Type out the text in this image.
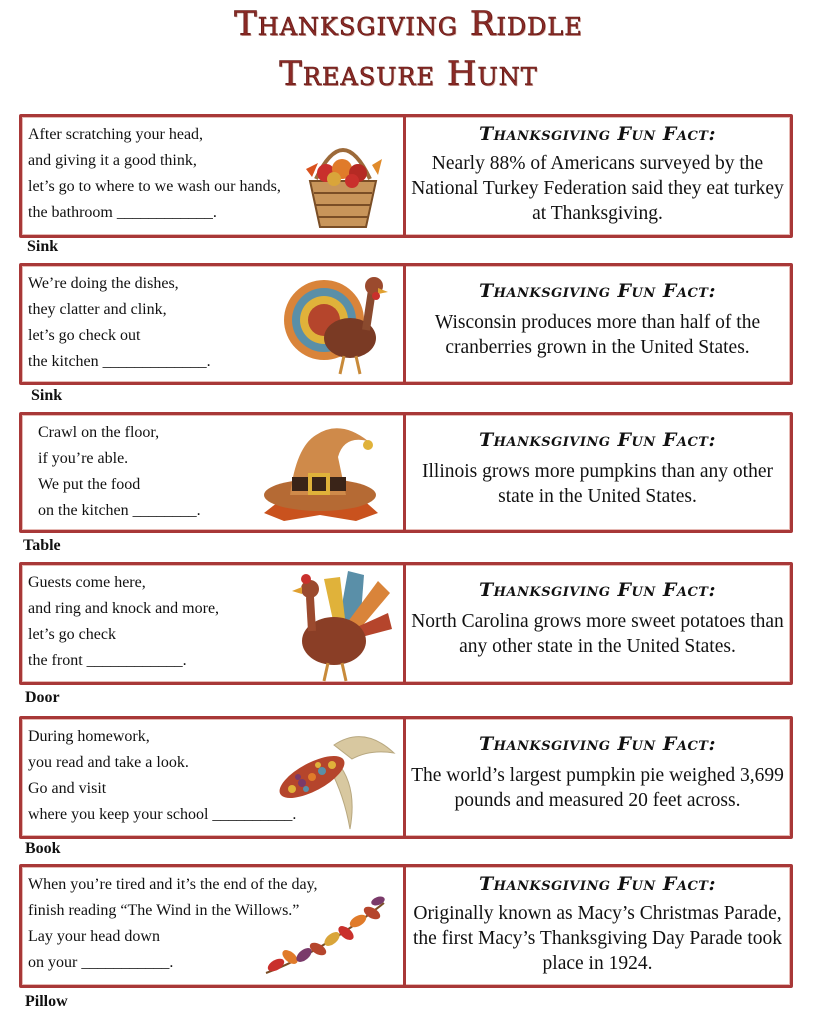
Thanksgiving Riddle
Treasure Hunt
After scratching your head,
and giving it a good think,
let’s go to where to we wash our hands,
the bathroom ____________.
Thanksgiving Fun Fact:
Nearly 88% of Americans surveyed by the National Turkey Federation said they eat turkey at Thanksgiving.
Sink
We’re doing the dishes,
they clatter and clink,
let’s go check out
the kitchen _____________.
Thanksgiving Fun Fact:
Wisconsin produces more than half of the cranberries grown in the United States.
Sink
Crawl on the floor,
if you’re able.
We put the food
on the kitchen ________.
Thanksgiving Fun Fact:
Illinois grows more pumpkins than any other state in the United States.
Table
Guests come here,
and ring and knock and more,
let’s go check
the front ____________.
Thanksgiving Fun Fact:
North Carolina grows more sweet potatoes than any other state in the United States.
Door
During homework,
you read and take a look.
Go and visit
where you keep your school __________.
Thanksgiving Fun Fact:
The world’s largest pumpkin pie weighed 3,699 pounds and measured 20 feet across.
Book
When you’re tired and it’s the end of the day,
finish reading “The Wind in the Willows.”
Lay your head down
on your ___________.
Thanksgiving Fun Fact:
Originally known as Macy’s Christmas Parade, the first Macy’s Thanksgiving Day Parade took place in 1924.
Pillow
